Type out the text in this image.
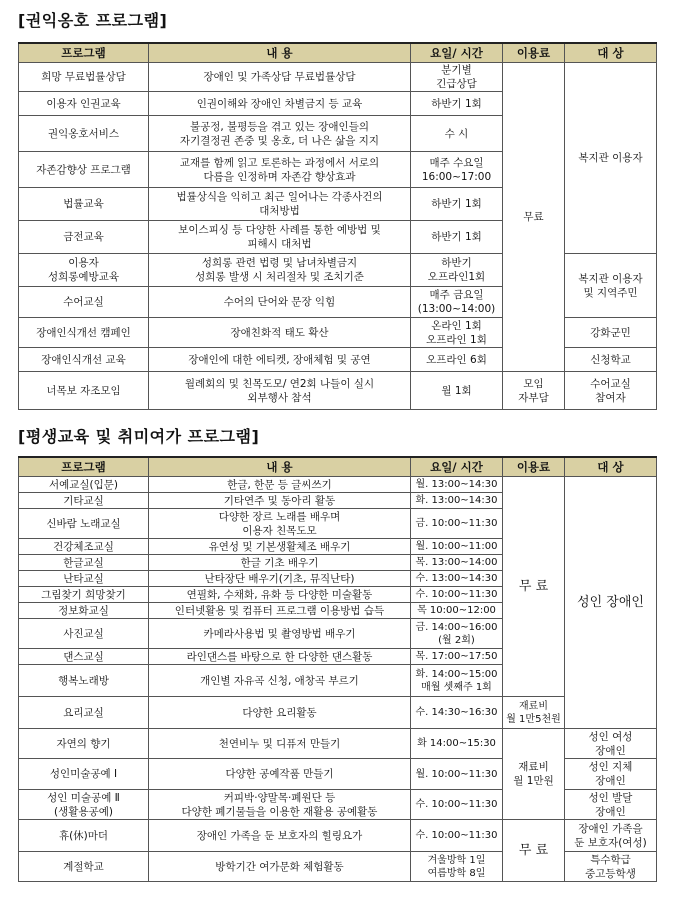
[권익옹호 프로그램]
프로그램	내 용	요일/ 시간	이용료	대 상

희망 무료법률상담	장애인 및 가족상담 무료법률상담	분기별
긴급상담	무료	복지관 이용자

이용자 인권교육	인권이해와 장애인 차별금지 등 교육	하반기 1회		

권익옹호서비스	불공정, 불평등을 겪고 있는 장애인들의
자기결정권 존중 및 옹호, 더 나은 삶을 지지	수 시		

자존감향상 프로그램	교재를 함께 읽고 토론하는 과정에서 서로의
다름을 인정하며 자존감 향상효과	매주 수요일
16:00~17:00		

법률교육	법률상식을 익히고 최근 일어나는 각종사건의
대처방법	하반기 1회		

금전교육	보이스피싱 등 다양한 사례를 통한 예방법 및
피해시 대처법	하반기 1회		

이용자
성희롱예방교육	성희롱 관련 법령 및 남녀차별금지
성희롱 발생 시 처리절차 및 조치기준	하반기
오프라인1회		복지관 이용자
및 지역주민

수어교실	수어의 단어와 문장 익힘	매주 금요일
(13:00~14:00)		

장애인식개선 캠페인	장애친화적 태도 확산	온라인 1회
오프라인 1회		강화군민

장애인식개선 교육	장애인에 대한 에티켓, 장애체험 및 공연	오프라인 6회		신청학교

너목보 자조모임	월례회의 및 친목도모/ 연2회 나들이 실시
외부행사 참석	월 1회	모임
자부담	수어교실
참여자
[평생교육 및 취미여가 프로그램]
프로그램	내 용	요일/ 시간	이용료	대 상

서예교실(입문)	한글, 한문 등 글씨쓰기	월. 13:00~14:30	무 료	성인 장애인

기타교실	기타연주 및 동아리 활동	화. 13:00~14:30		

신바람 노래교실	다양한 장르 노래를 배우며
이용자 친목도모	금. 10:00~11:30		

건강체조교실	유연성 및 기본생활체조 배우기	월. 10:00~11:00		

한글교실	한글 기초 배우기	목. 13:00~14:00		

난타교실	난타장단 배우기(기초, 뮤직난타)	수. 13:00~14:30		

그림찾기 희망찾기	연필화, 수채화, 유화 등 다양한 미술활동	수. 10:00~11:30		

정보화교실	인터넷활용 및 컴퓨터 프로그램 이용방법 습득	목 10:00~12:00		

사진교실	카메라사용법 및 촬영방법 배우기	금. 14:00~16:00
(월 2회)		

댄스교실	라인댄스를 바탕으로 한 다양한 댄스활동	목. 17:00~17:50		

행복노래방	개인별 자유곡 신청, 애창곡 부르기	화. 14:00~15:00
매월 셋째주 1회		

요리교실	다양한 요리활동	수. 14:30~16:30	재료비
월 1만5천원	

자연의 향기	천연비누 및 디퓨저 만들기	화 14:00~15:30	재료비
월 1만원	성인 여성
장애인

성인미술공예 I	다양한 공예작품 만들기	월. 10:00~11:30		성인 지체
장애인

성인 미술공예 Ⅱ
(생활용공예)	커피박·양말목·폐원단 등
다양한 폐기물들을 이용한 재활용 공예활동	수. 10:00~11:30		성인 발달
장애인

휴(休)마더	장애인 가족을 둔 보호자의 힐링요가	수. 10:00~11:30	무 료	장애인 가족을
둔 보호자(여성)

계절학교	방학기간 여가문화 체험활동	겨울방학 1일
여름방학 8일		특수학급
중고등학생
